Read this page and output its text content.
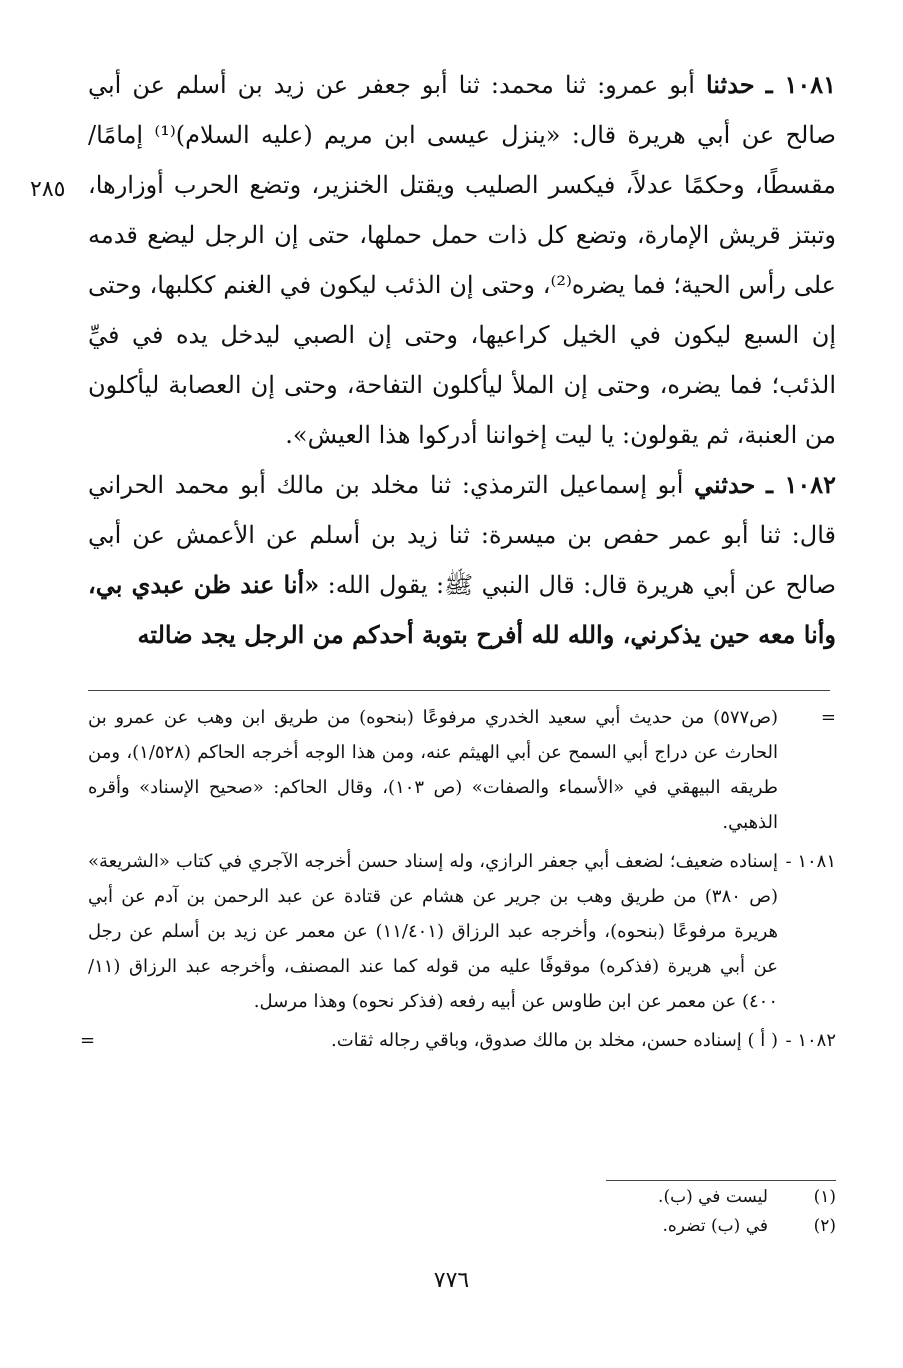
١٠٨١ ـ حدثنا أبو عمرو: ثنا محمد: ثنا أبو جعفر عن زيد بن أسلم عن أبي صالح عن أبي هريرة قال: «ينزل عيسى ابن مريم (عليه السلام)⁽¹⁾ إمامًا/ مقسطًا، وحكمًا عدلاً، فيكسر الصليب ويقتل الخنزير، وتضع الحرب أوزارها، وتبتز قريش الإمارة، وتضع كل ذات حمل حملها، حتى إن الرجل ليضع قدمه على رأس الحية؛ فما يضره⁽²⁾، وحتى إن الذئب ليكون في الغنم ككلبها، وحتى إن السبع ليكون في الخيل كراعيها، وحتى إن الصبي ليدخل يده في فيِّ الذئب؛ فما يضره، وحتى إن الملأ ليأكلون التفاحة، وحتى إن العصابة ليأكلون من العنبة، ثم يقولون: يا ليت إخواننا أدركوا هذا العيش».

١٠٨٢ ـ حدثني أبو إسماعيل الترمذي: ثنا مخلد بن مالك أبو محمد الحراني قال: ثنا أبو عمر حفص بن ميسرة: ثنا زيد بن أسلم عن الأعمش عن أبي صالح عن أبي هريرة قال: قال النبي ﷺ: يقول الله: «أنا عند ظن عبدي بي، وأنا معه حين يذكرني، والله لله أفرح بتوبة أحدكم من الرجل يجد ضالته

٢٨٥
=
(ص٥٧٧) من حديث أبي سعيد الخدري مرفوعًا (بنحوه) من طريق ابن وهب عن عمرو بن الحارث عن دراج أبي السمح عن أبي الهيثم عنه، ومن هذا الوجه أخرجه الحاكم (١/٥٢٨)، ومن طريقه البيهقي في «الأسماء والصفات» (ص ١٠٣)، وقال الحاكم: «صحيح الإسناد» وأقره الذهبي.
١٠٨١ -
إسناده ضعيف؛ لضعف أبي جعفر الرازي، وله إسناد حسن أخرجه الآجري في كتاب «الشريعة» (ص ٣٨٠) من طريق وهب بن جرير عن هشام عن قتادة عن عبد الرحمن بن آدم عن أبي هريرة مرفوعًا (بنحوه)، وأخرجه عبد الرزاق (١١/٤٠١) عن معمر عن زيد بن أسلم عن رجل عن أبي هريرة (فذكره) موقوفًا عليه من قوله كما عند المصنف، وأخرجه عبد الرزاق (١١/ ٤٠٠) عن معمر عن ابن طاوس عن أبيه رفعه (فذكر نحوه) وهذا مرسل.
١٠٨٢ -
( أ ) إسناده حسن، مخلد بن مالك صدوق، وباقي رجاله ثقات.
=
(١)
ليست في (ب).
(٢)
في (ب) تضره.
٧٧٦
